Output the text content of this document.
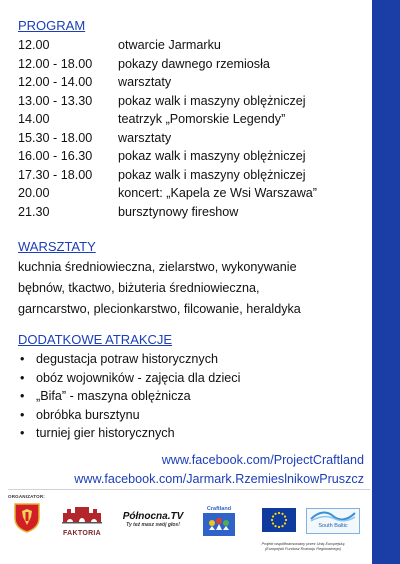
PROGRAM
12.00	otwarcie Jarmarku
12.00 - 18.00	pokazy dawnego rzemiosła
12.00 - 14.00	warsztaty
13.00 - 13.30	pokaz walk i maszyny oblężniczej
14.00	teatrzyk „Pomorskie Legendy”
15.30 - 18.00	warsztaty
16.00 - 16.30	pokaz walk i maszyny oblężniczej
17.30 - 18.00	pokaz walk i maszyny oblężniczej
20.00	koncert: „Kapela ze Wsi Warszawa”
21.30	bursztynowy fireshow
WARSZTATY
kuchnia średniowieczna, zielarstwo, wykonywanie
bębnów, tkactwo, biżuteria średniowieczna,
garncarstwo, plecionkarstwo, filcowanie, heraldyka
DODATKOWE ATRAKCJE
• degustacja potraw historycznych
• obóz wojowników - zajęcia dla dzieci
• „Bifa” - maszyna oblężnicza
• obróbka bursztynu
• turniej gier historycznych
www.facebook.com/ProjectCraftland
www.facebook.com/Jarmark.RzemieslnikowPruszcz
ORGANIZATOR:
FAKTORIA
Północna.TV
Ty też masz swój głos!
Craftland
South Baltic
Projekt współfinansowany przez Unię Europejską
(Europejski Fundusz Rozwoju Regionalnego)
